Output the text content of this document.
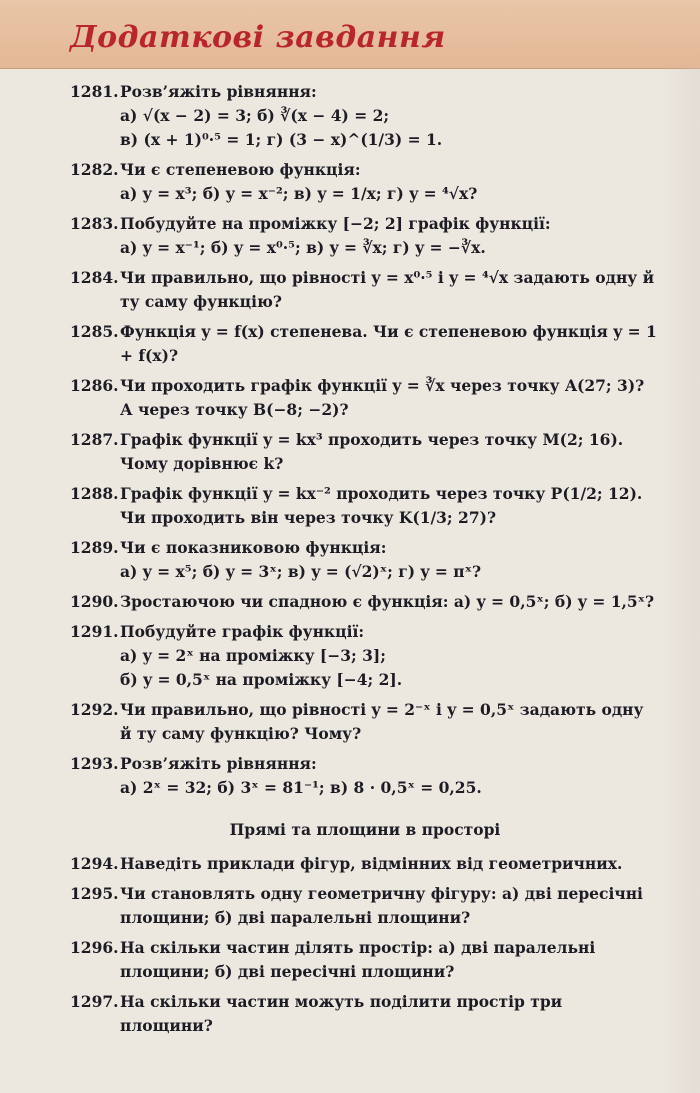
Додаткові завдання
1281. Розв’яжіть рівняння:
а) √(x − 2) = 3; б) ∛(x − 4) = 2;
в) (x + 1)⁰·⁵ = 1; г) (3 − x)^(1/3) = 1.
1282. Чи є степеневою функція:
а) y = x³; б) y = x⁻²; в) y = 1/x; г) y = ⁴√x?
1283. Побудуйте на проміжку [−2; 2] графік функції:
а) y = x⁻¹; б) y = x⁰·⁵; в) y = ∛x; г) y = −∛x.
1284. Чи правильно, що рівності y = x⁰·⁵ і y = ⁴√x задають одну й ту саму функцію?
1285. Функція y = f(x) степенева. Чи є степеневою функція y = 1 + f(x)?
1286. Чи проходить графік функції y = ∛x через точку A(27; 3)? А через точку B(−8; −2)?
1287. Графік функції y = kx³ проходить через точку M(2; 16). Чому дорівнює k?
1288. Графік функції y = kx⁻² проходить через точку P(1/2; 12). Чи проходить він через точку K(1/3; 27)?
1289. Чи є показниковою функція:
а) y = x⁵; б) y = 3ˣ; в) y = (√2)ˣ; г) y = πˣ?
1290. Зростаючою чи спадною є функція: а) y = 0,5ˣ; б) y = 1,5ˣ?
1291. Побудуйте графік функції:
а) y = 2ˣ на проміжку [−3; 3];
б) y = 0,5ˣ на проміжку [−4; 2].
1292. Чи правильно, що рівності y = 2⁻ˣ і y = 0,5ˣ задають одну й ту саму функцію? Чому?
1293. Розв’яжіть рівняння:
а) 2ˣ = 32; б) 3ˣ = 81⁻¹; в) 8 · 0,5ˣ = 0,25.
Прямі та площини в просторі
1294. Наведіть приклади фігур, відмінних від геометричних.
1295. Чи становлять одну геометричну фігуру: а) дві пересічні площини; б) дві паралельні площини?
1296. На скільки частин ділять простір: а) дві паралельні площини; б) дві пересічні площини?
1297. На скільки частин можуть поділити простір три площини?
